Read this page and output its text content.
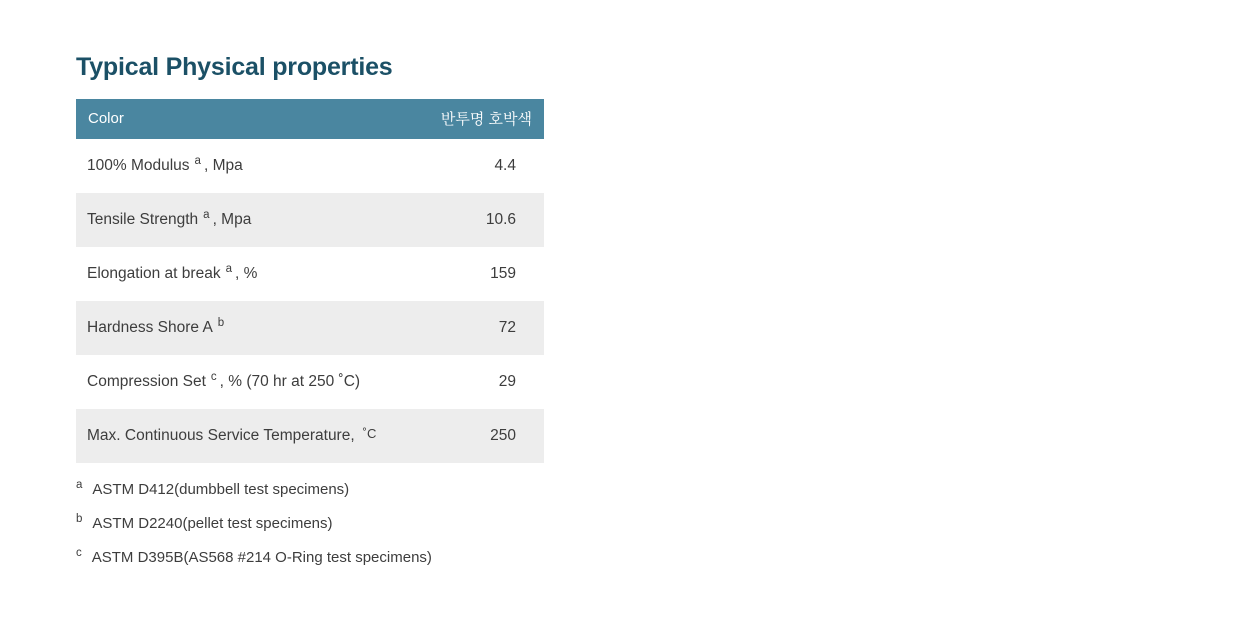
Typical Physical properties
Color	반투명 호박색
100% Modulus $^a$ , Mpa	4.4
Tensile Strength $^a$ , Mpa	10.6
Elongation at break $^a$ , %	159
Hardness Shore A $^b$	72
Compression Set $^c$ , % (70 hr at 250 ˚C)	29
Max. Continuous Service Temperature, ˚C	250
$^a$ ASTM D412(dumbbell test specimens)
$^b$ ASTM D2240(pellet test specimens)
$^c$ ASTM D395B(AS568 #214 O-Ring test specimens)
